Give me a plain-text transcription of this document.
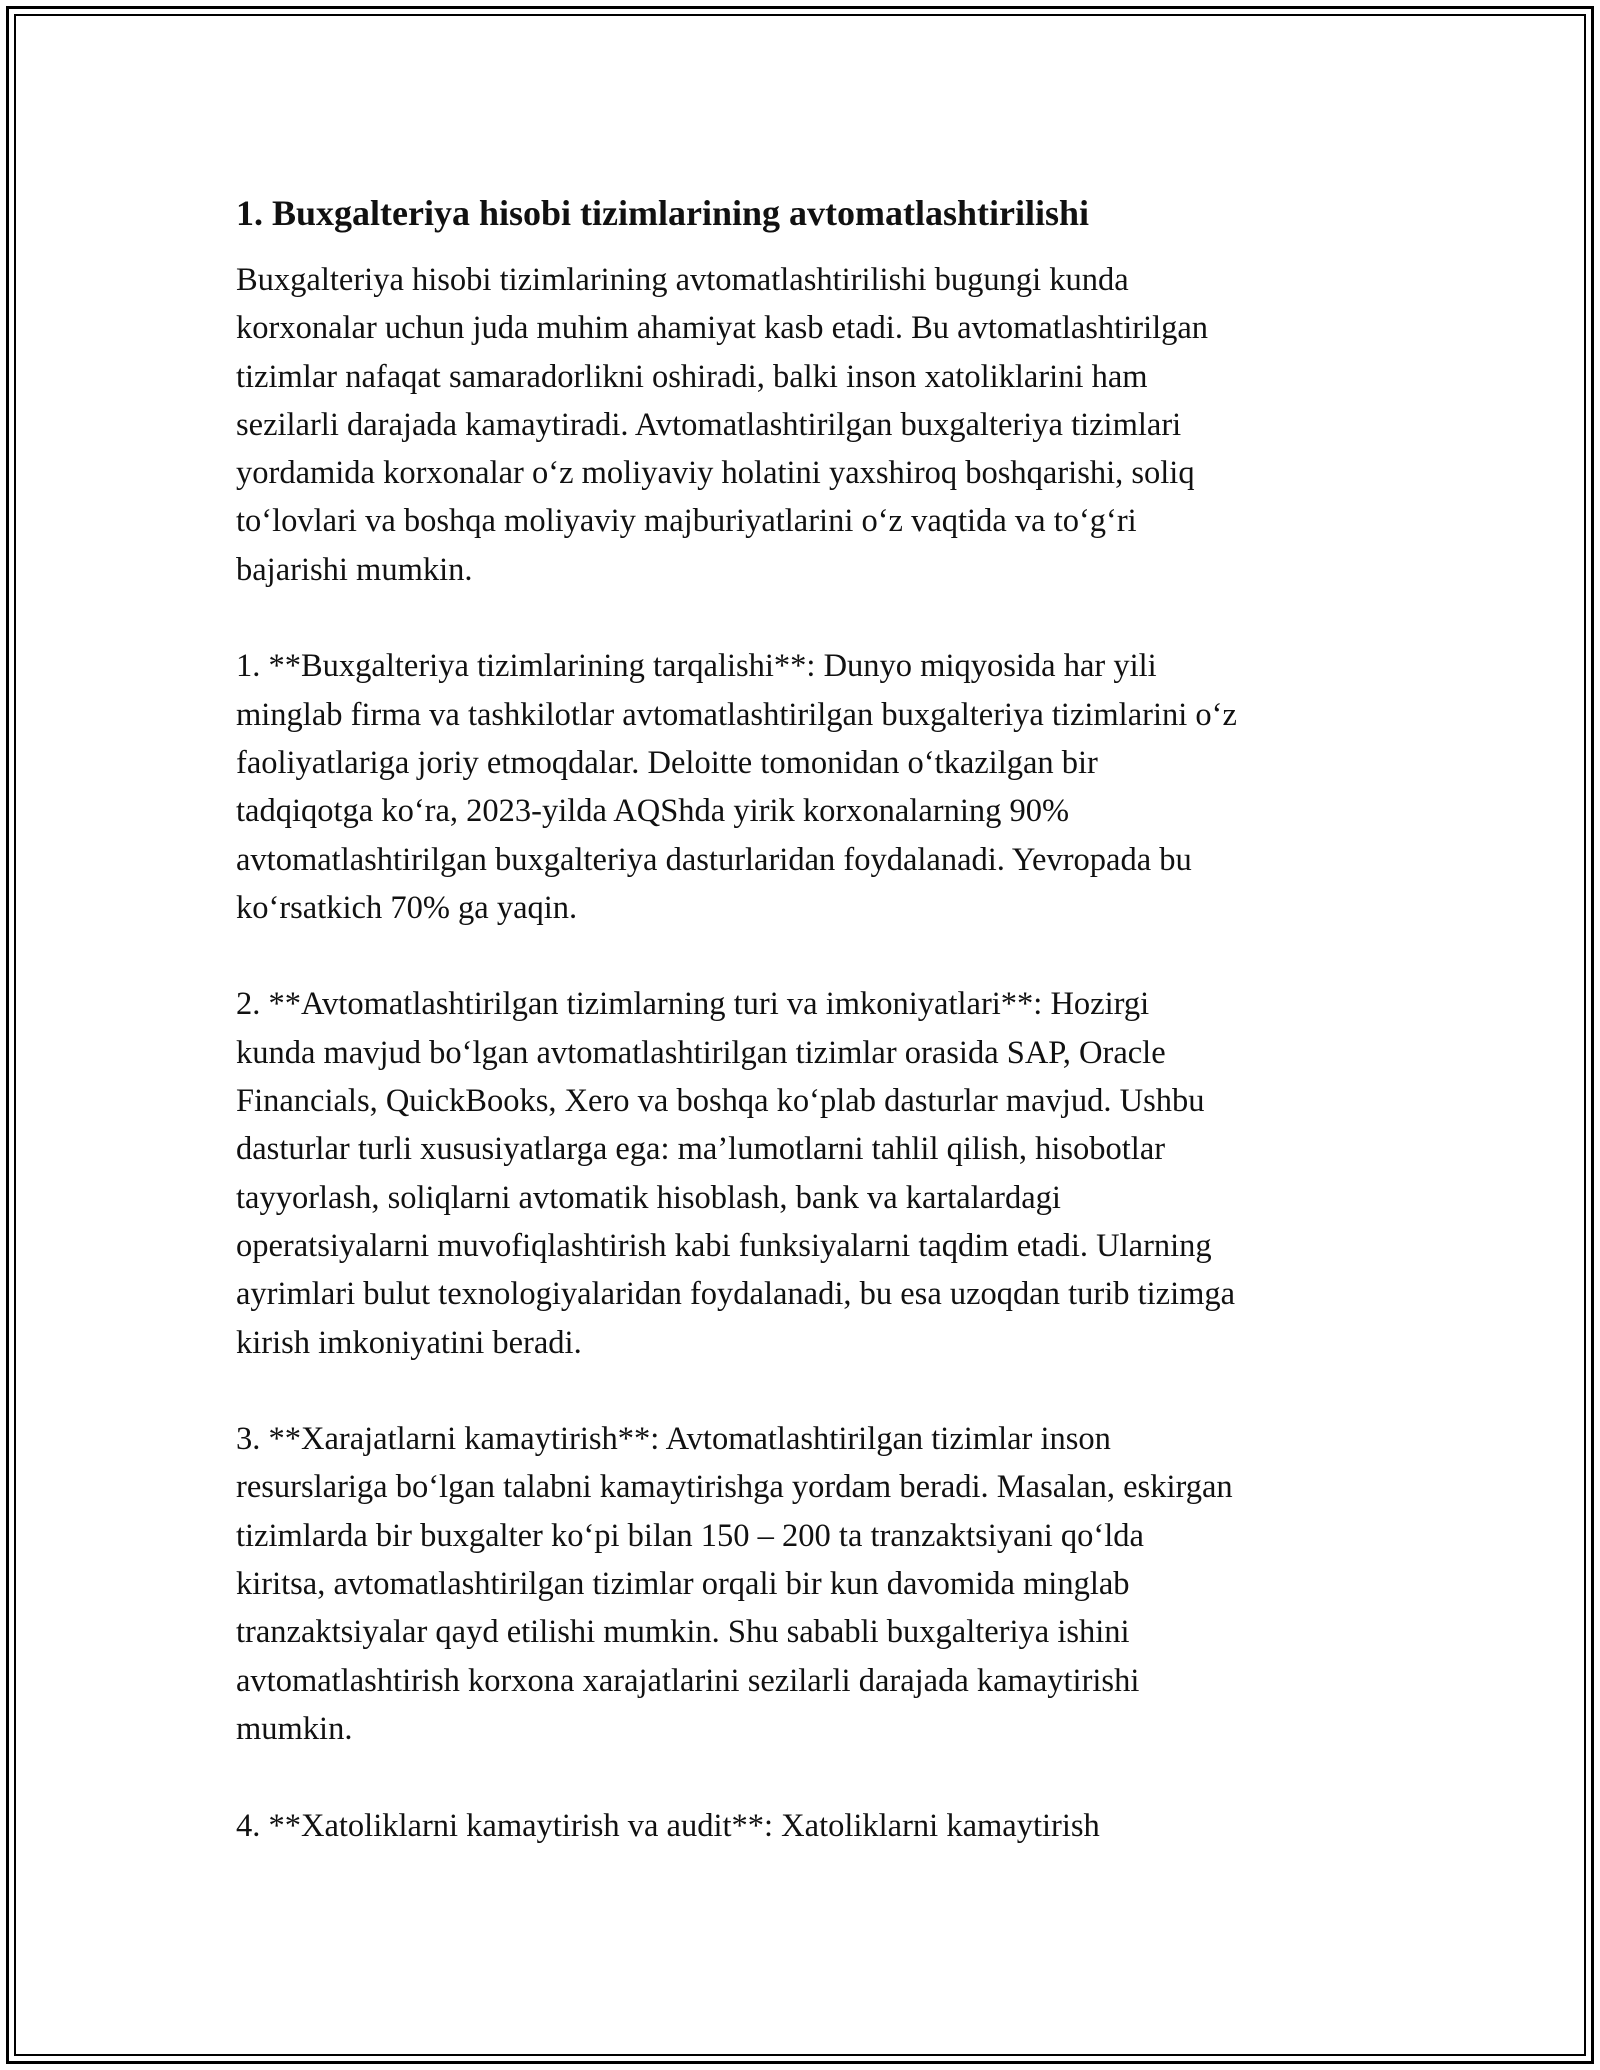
1. Buxgalteriya hisobi tizimlarining avtomatlashtirilishi

Buxgalteriya hisobi tizimlarining avtomatlashtirilishi bugungi kunda
korxonalar uchun juda muhim ahamiyat kasb etadi. Bu avtomatlashtirilgan
tizimlar nafaqat samaradorlikni oshiradi, balki inson xatoliklarini ham
sezilarli darajada kamaytiradi. Avtomatlashtirilgan buxgalteriya tizimlari
yordamida korxonalar o‘z moliyaviy holatini yaxshiroq boshqarishi, soliq
to‘lovlari va boshqa moliyaviy majburiyatlarini o‘z vaqtida va to‘g‘ri
bajarishi mumkin.

1. **Buxgalteriya tizimlarining tarqalishi**: Dunyo miqyosida har yili
minglab firma va tashkilotlar avtomatlashtirilgan buxgalteriya tizimlarini o‘z
faoliyatlariga joriy etmoqdalar. Deloitte tomonidan o‘tkazilgan bir
tadqiqotga ko‘ra, 2023-yilda AQShda yirik korxonalarning 90%
avtomatlashtirilgan buxgalteriya dasturlaridan foydalanadi. Yevropada bu
ko‘rsatkich 70% ga yaqin.

2. **Avtomatlashtirilgan tizimlarning turi va imkoniyatlari**: Hozirgi
kunda mavjud bo‘lgan avtomatlashtirilgan tizimlar orasida SAP, Oracle
Financials, QuickBooks, Xero va boshqa ko‘plab dasturlar mavjud. Ushbu
dasturlar turli xususiyatlarga ega: ma’lumotlarni tahlil qilish, hisobotlar
tayyorlash, soliqlarni avtomatik hisoblash, bank va kartalardagi
operatsiyalarni muvofiqlashtirish kabi funksiyalarni taqdim etadi. Ularning
ayrimlari bulut texnologiyalaridan foydalanadi, bu esa uzoqdan turib tizimga
kirish imkoniyatini beradi.

3. **Xarajatlarni kamaytirish**: Avtomatlashtirilgan tizimlar inson
resurslariga bo‘lgan talabni kamaytirishga yordam beradi. Masalan, eskirgan
tizimlarda bir buxgalter ko‘pi bilan 150 – 200 ta tranzaktsiyani qo‘lda
kiritsa, avtomatlashtirilgan tizimlar orqali bir kun davomida minglab
tranzaktsiyalar qayd etilishi mumkin. Shu sababli buxgalteriya ishini
avtomatlashtirish korxona xarajatlarini sezilarli darajada kamaytirishi
mumkin.

4. **Xatoliklarni kamaytirish va audit**: Xatoliklarni kamaytirish
